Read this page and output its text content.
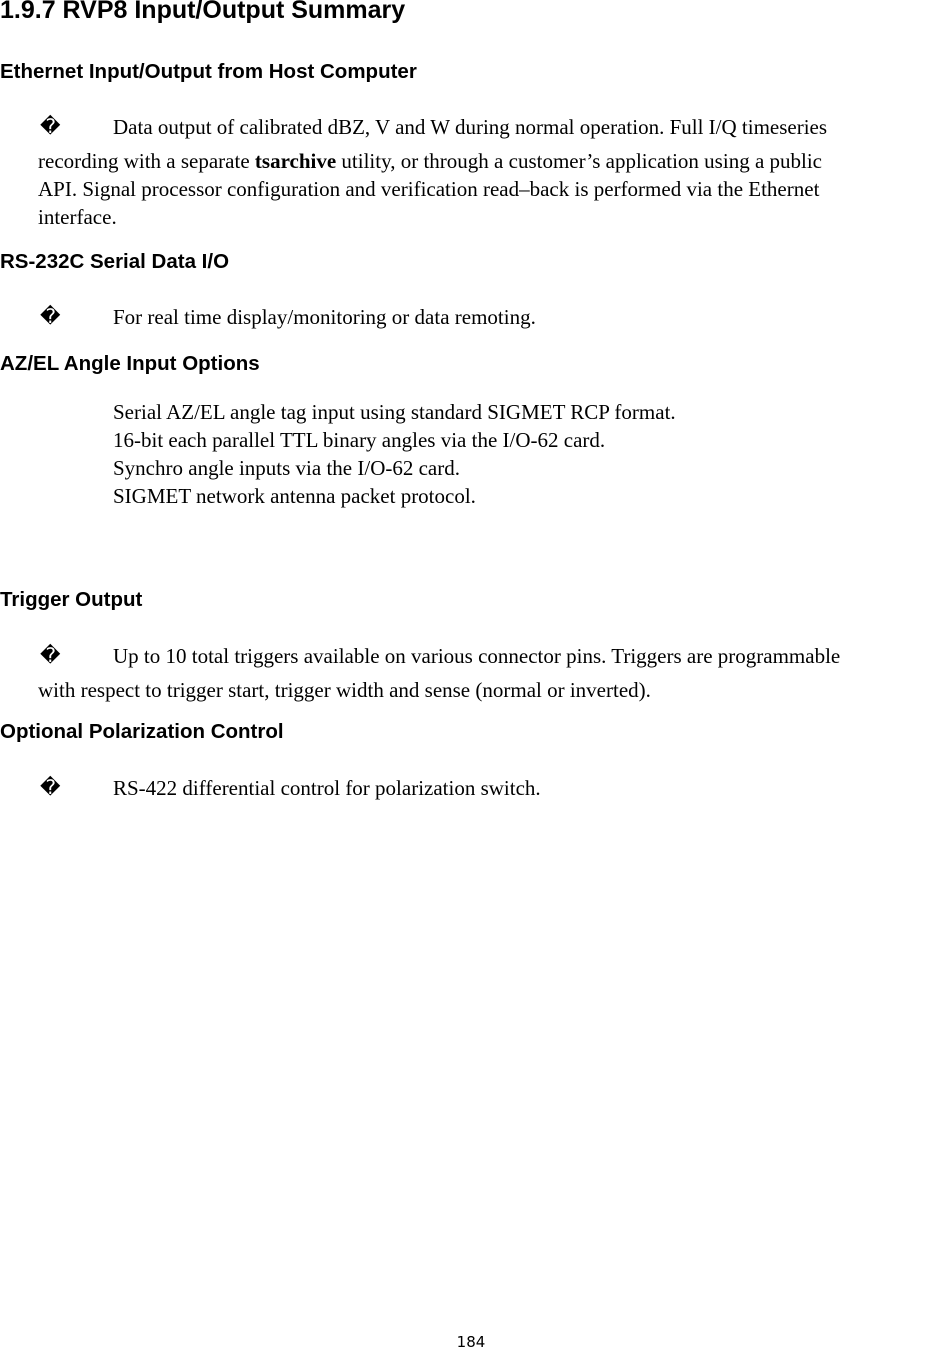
1.9.7 RVP8 Input/Output Summary
Ethernet Input/Output from Host Computer
� Data output of calibrated dBZ, V and W during normal operation. Full I/Q timeseries
recording with a separate tsarchive utility, or through a customer’s application using a public
API. Signal processor configuration and verification read–back is performed via the Ethernet
interface.
RS-232C Serial Data I/O
� For real time display/monitoring or data remoting.
AZ/EL Angle Input Options
Serial AZ/EL angle tag input using standard SIGMET RCP format.
16-bit each parallel TTL binary angles via the I/O-62 card.
Synchro angle inputs via the I/O-62 card.
SIGMET network antenna packet protocol.
Trigger Output
� Up to 10 total triggers available on various connector pins. Triggers are programmable
with respect to trigger start, trigger width and sense (normal or inverted).
Optional Polarization Control
� RS-422 differential control for polarization switch.
184
